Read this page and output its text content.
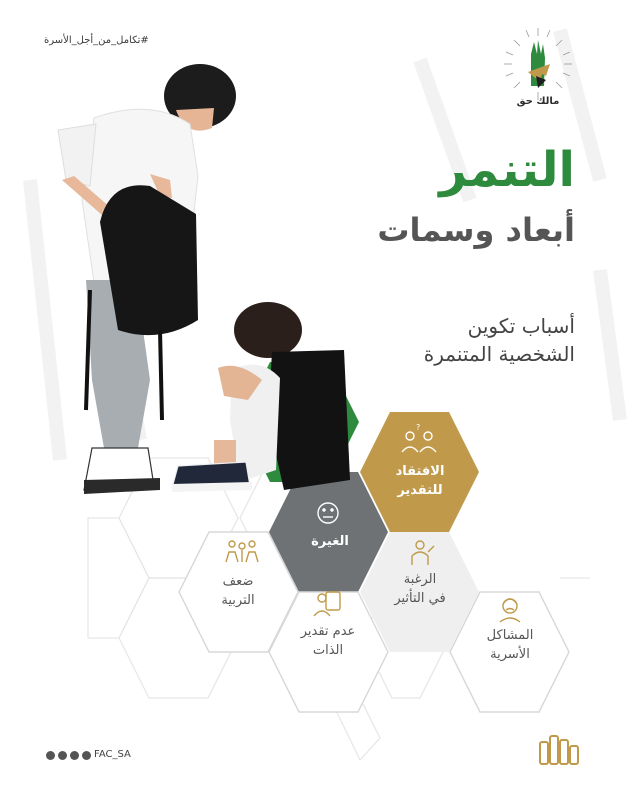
#تكامل_من_أجل_الأسرة
مالك حق
التنمر
أبعاد وسمات
أسباب تكوين
الشخصية المتنمرة
?
الافتقاد
للتقدير
الغيرة
الرغبة
في التأثير
ضعف
التربية
عدم تقدير
الذات
المشاكل
الأسرية
FAC_SA
